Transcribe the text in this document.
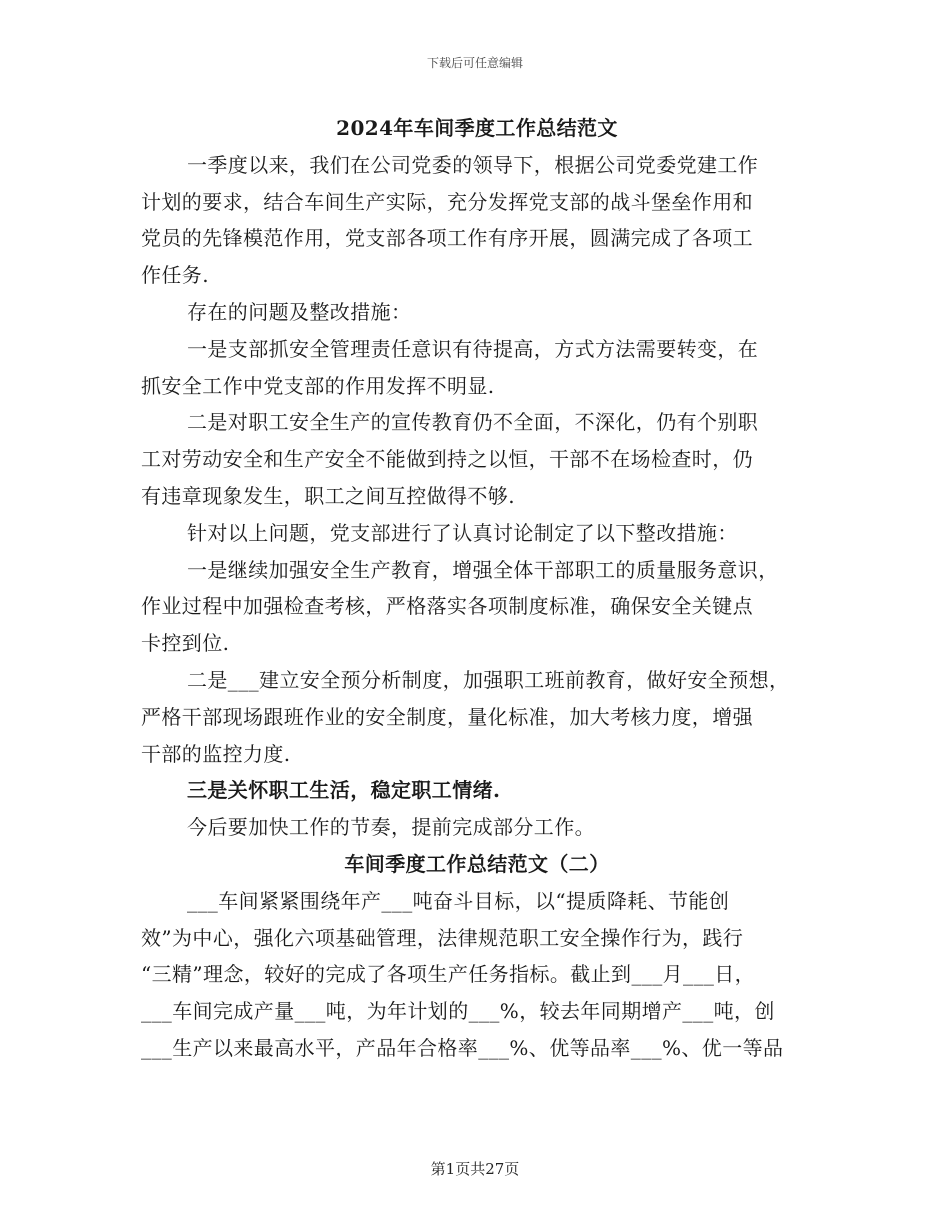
下载后可任意编辑
2024年车间季度工作总结范文
一季度以来，我们在公司党委的领导下，根据公司党委党建工作
计划的要求，结合车间生产实际，充分发挥党支部的战斗堡垒作用和
党员的先锋模范作用，党支部各项工作有序开展，圆满完成了各项工
作任务.
存在的问题及整改措施：
一是支部抓安全管理责任意识有待提高，方式方法需要转变，在
抓安全工作中党支部的作用发挥不明显.
二是对职工安全生产的宣传教育仍不全面，不深化，仍有个别职
工对劳动安全和生产安全不能做到持之以恒，干部不在场检查时，仍
有违章现象发生，职工之间互控做得不够.
针对以上问题，党支部进行了认真讨论制定了以下整改措施：
一是继续加强安全生产教育，增强全体干部职工的质量服务意识，
作业过程中加强检查考核，严格落实各项制度标准，确保安全关键点
卡控到位.
二是___建立安全预分析制度，加强职工班前教育，做好安全预想，
严格干部现场跟班作业的安全制度，量化标准，加大考核力度，增强
干部的监控力度.
三是关怀职工生活，稳定职工情绪.
今后要加快工作的节奏，提前完成部分工作。
车间季度工作总结范文（二）
___车间紧紧围绕年产___吨奋斗目标，以“提质降耗、节能创
效”为中心，强化六项基础管理，法律规范职工安全操作行为，践行
“三精”理念，较好的完成了各项生产任务指标。截止到___月___日，
___车间完成产量___吨，为年计划的___%，较去年同期增产___吨，创
___生产以来最高水平，产品年合格率___%、优等品率___%、优一等品
第1页共27页
